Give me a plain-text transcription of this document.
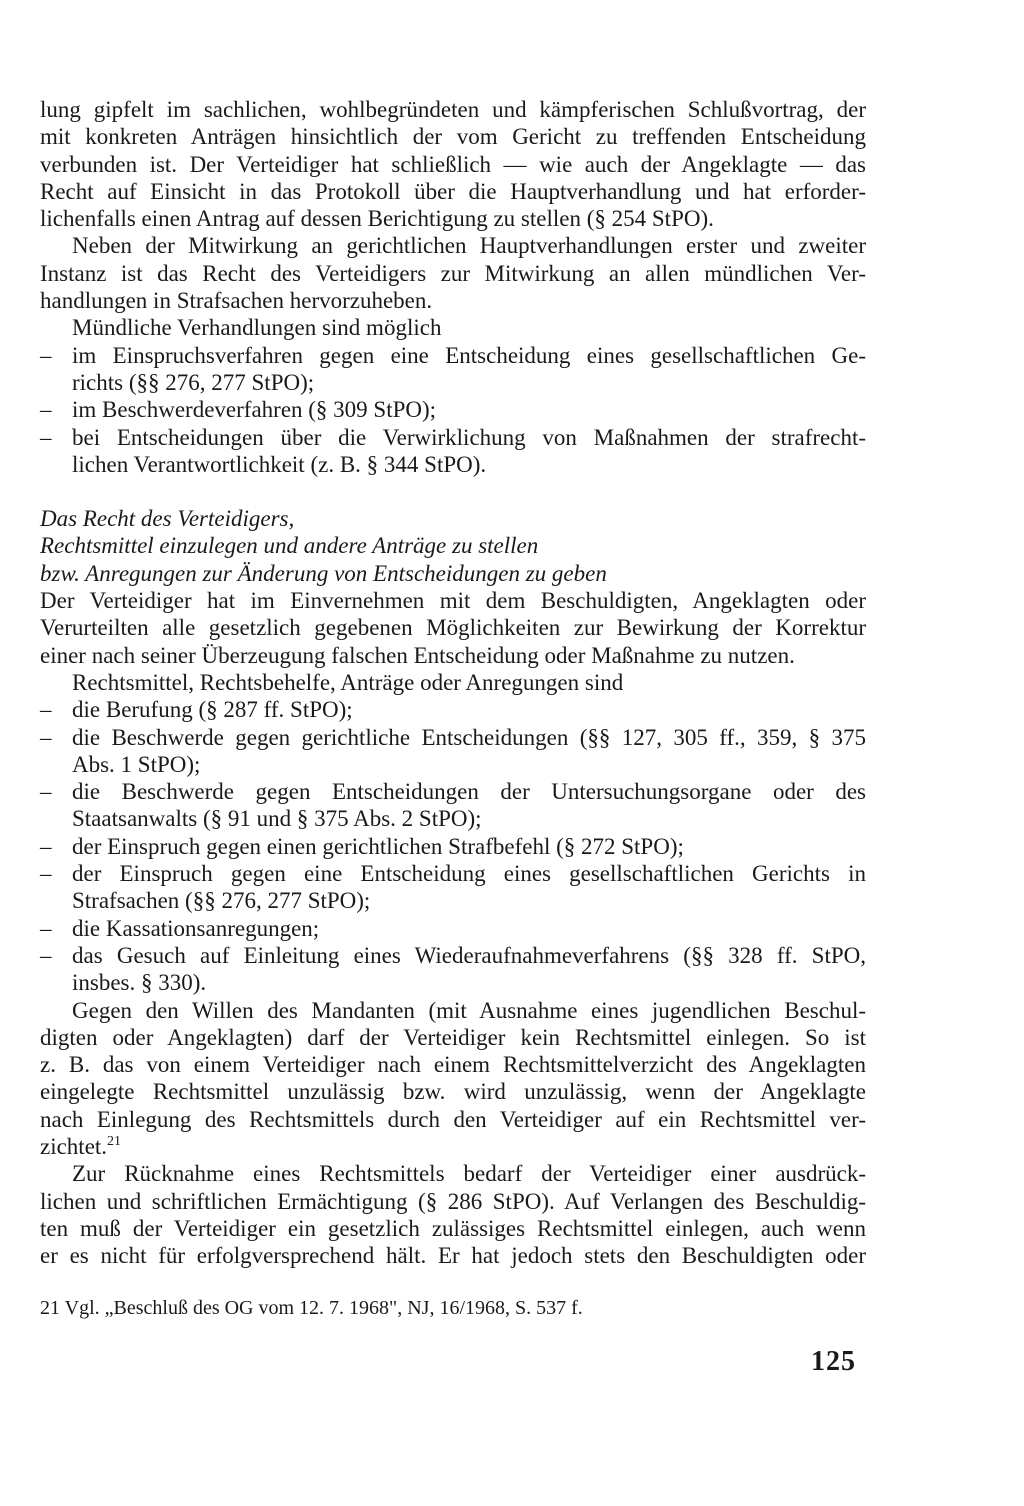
lung gipfelt im sachlichen, wohlbegründeten und kämpferischen Schlußvortrag, der
mit konkreten Anträgen hinsichtlich der vom Gericht zu treffenden Entscheidung
verbunden ist. Der Verteidiger hat schließlich — wie auch der Angeklagte — das
Recht auf Einsicht in das Protokoll über die Hauptverhandlung und hat erforder-
lichenfalls einen Antrag auf dessen Berichtigung zu stellen (§ 254 StPO).
Neben der Mitwirkung an gerichtlichen Hauptverhandlungen erster und zweiter
Instanz ist das Recht des Verteidigers zur Mitwirkung an allen mündlichen Ver-
handlungen in Strafsachen hervorzuheben.
Mündliche Verhandlungen sind möglich
– im Einspruchsverfahren gegen eine Entscheidung eines gesellschaftlichen Ge-
richts (§§ 276, 277 StPO);
– im Beschwerdeverfahren (§ 309 StPO);
– bei Entscheidungen über die Verwirklichung von Maßnahmen der strafrecht-
lichen Verantwortlichkeit (z. B. § 344 StPO).
Das Recht des Verteidigers,
Rechtsmittel einzulegen und andere Anträge zu stellen
bzw. Anregungen zur Änderung von Entscheidungen zu geben
Der Verteidiger hat im Einvernehmen mit dem Beschuldigten, Angeklagten oder
Verurteilten alle gesetzlich gegebenen Möglichkeiten zur Bewirkung der Korrektur
einer nach seiner Überzeugung falschen Entscheidung oder Maßnahme zu nutzen.
Rechtsmittel, Rechtsbehelfe, Anträge oder Anregungen sind
– die Berufung (§ 287 ff. StPO);
– die Beschwerde gegen gerichtliche Entscheidungen (§§ 127, 305 ff., 359, § 375
Abs. 1 StPO);
– die Beschwerde gegen Entscheidungen der Untersuchungsorgane oder des
Staatsanwalts (§ 91 und § 375 Abs. 2 StPO);
– der Einspruch gegen einen gerichtlichen Strafbefehl (§ 272 StPO);
– der Einspruch gegen eine Entscheidung eines gesellschaftlichen Gerichts in
Strafsachen (§§ 276, 277 StPO);
– die Kassationsanregungen;
– das Gesuch auf Einleitung eines Wiederaufnahmeverfahrens (§§ 328 ff. StPO,
insbes. § 330).
Gegen den Willen des Mandanten (mit Ausnahme eines jugendlichen Beschul-
digten oder Angeklagten) darf der Verteidiger kein Rechtsmittel einlegen. So ist
z. B. das von einem Verteidiger nach einem Rechtsmittelverzicht des Angeklagten
eingelegte Rechtsmittel unzulässig bzw. wird unzulässig, wenn der Angeklagte
nach Einlegung des Rechtsmittels durch den Verteidiger auf ein Rechtsmittel ver-
zichtet.$^{21}$
Zur Rücknahme eines Rechtsmittels bedarf der Verteidiger einer ausdrück-
lichen und schriftlichen Ermächtigung (§ 286 StPO). Auf Verlangen des Beschuldig-
ten muß der Verteidiger ein gesetzlich zulässiges Rechtsmittel einlegen, auch wenn
er es nicht für erfolgversprechend hält. Er hat jedoch stets den Beschuldigten oder
21 Vgl. „Beschluß des OG vom 12. 7. 1968", NJ, 16/1968, S. 537 f.
125
